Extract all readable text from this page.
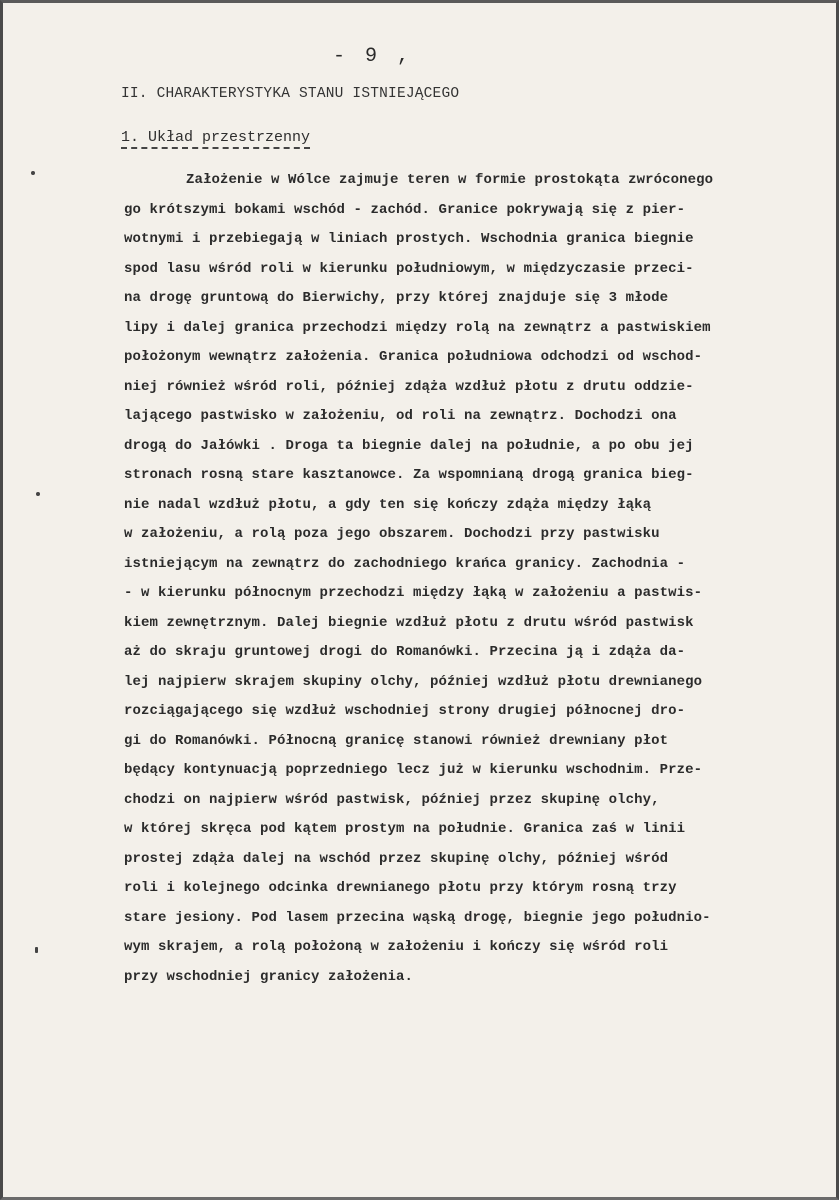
- 9 ,
II. CHARAKTERYSTYKA STANU ISTNIEJĄCEGO
1. Układ przestrzenny
Założenie w Wólce zajmuje teren w formie prostokąta zwróconego
go krótszymi bokami wschód - zachód. Granice pokrywają się z pier-
wotnymi i przebiegają w liniach prostych. Wschodnia granica biegnie
spod lasu wśród roli w kierunku południowym, w międzyczasie przeci-
na drogę gruntową do Bierwichy, przy której znajduje się 3 młode
lipy i dalej granica przechodzi między rolą na zewnątrz a pastwiskiem
położonym wewnątrz założenia. Granica południowa odchodzi od wschod-
niej również wśród roli, później zdąża wzdłuż płotu z drutu oddzie-
lającego pastwisko w założeniu, od roli na zewnątrz. Dochodzi ona
drogą do Jałówki . Droga ta biegnie dalej na południe, a po obu jej
stronach rosną stare kasztanowce. Za wspomnianą drogą granica bieg-
nie nadal wzdłuż płotu, a gdy ten się kończy zdąża między łąką
w założeniu, a rolą poza jego obszarem. Dochodzi przy pastwisku
istniejącym na zewnątrz do zachodniego krańca granicy. Zachodnia -
- w kierunku północnym przechodzi między łąką w założeniu a pastwis-
kiem zewnętrznym. Dalej biegnie wzdłuż płotu z drutu wśród pastwisk
aż do skraju gruntowej drogi do Romanówki. Przecina ją i zdąża da-
lej najpierw skrajem skupiny olchy, później wzdłuż płotu drewnianego
rozciągającego się wzdłuż wschodniej strony drugiej północnej dro-
gi do Romanówki. Północną granicę stanowi również drewniany płot
będący kontynuacją poprzedniego lecz już w kierunku wschodnim. Prze-
chodzi on najpierw wśród pastwisk, później przez skupinę olchy,
w której skręca pod kątem prostym na południe. Granica zaś w linii
prostej zdąża dalej na wschód przez skupinę olchy, później wśród
roli i kolejnego odcinka drewnianego płotu przy którym rosną trzy
stare jesiony. Pod lasem przecina wąską drogę, biegnie jego południo-
wym skrajem, a rolą położoną w założeniu i kończy się wśród roli
przy wschodniej granicy założenia.
